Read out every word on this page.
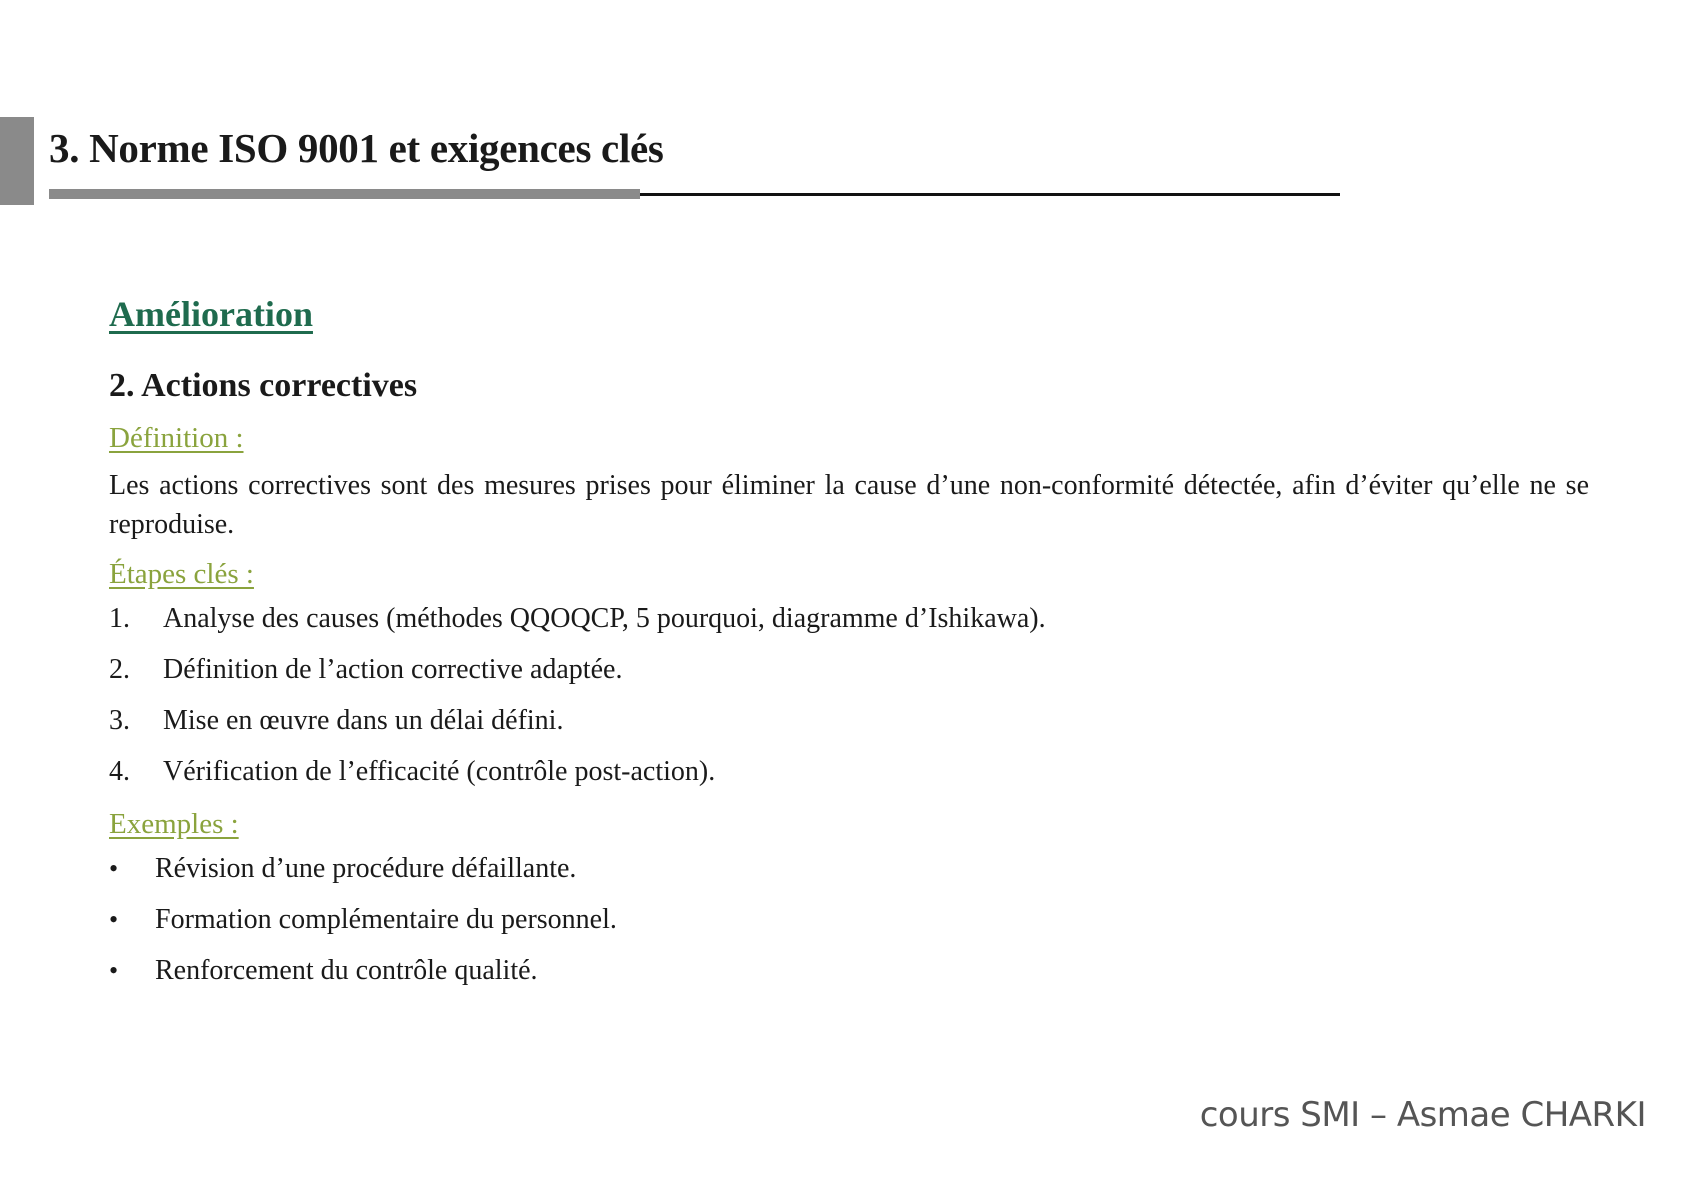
3. Norme ISO 9001 et exigences clés
Amélioration
2. Actions correctives

Définition :

Les actions correctives sont des mesures prises pour éliminer la cause d’une non-conformité détectée, afin d’éviter qu’elle ne se reproduise.

Étapes clés :

1.	Analyse des causes (méthodes QQOQCP, 5 pourquoi, diagramme d’Ishikawa).
2.	Définition de l’action corrective adaptée.
3.	Mise en œuvre dans un délai défini.
4.	Vérification de l’efficacité (contrôle post-action).

Exemples :

•	Révision d’une procédure défaillante.
•	Formation complémentaire du personnel.
•	Renforcement du contrôle qualité.
cours SMI – Asmae CHARKI
